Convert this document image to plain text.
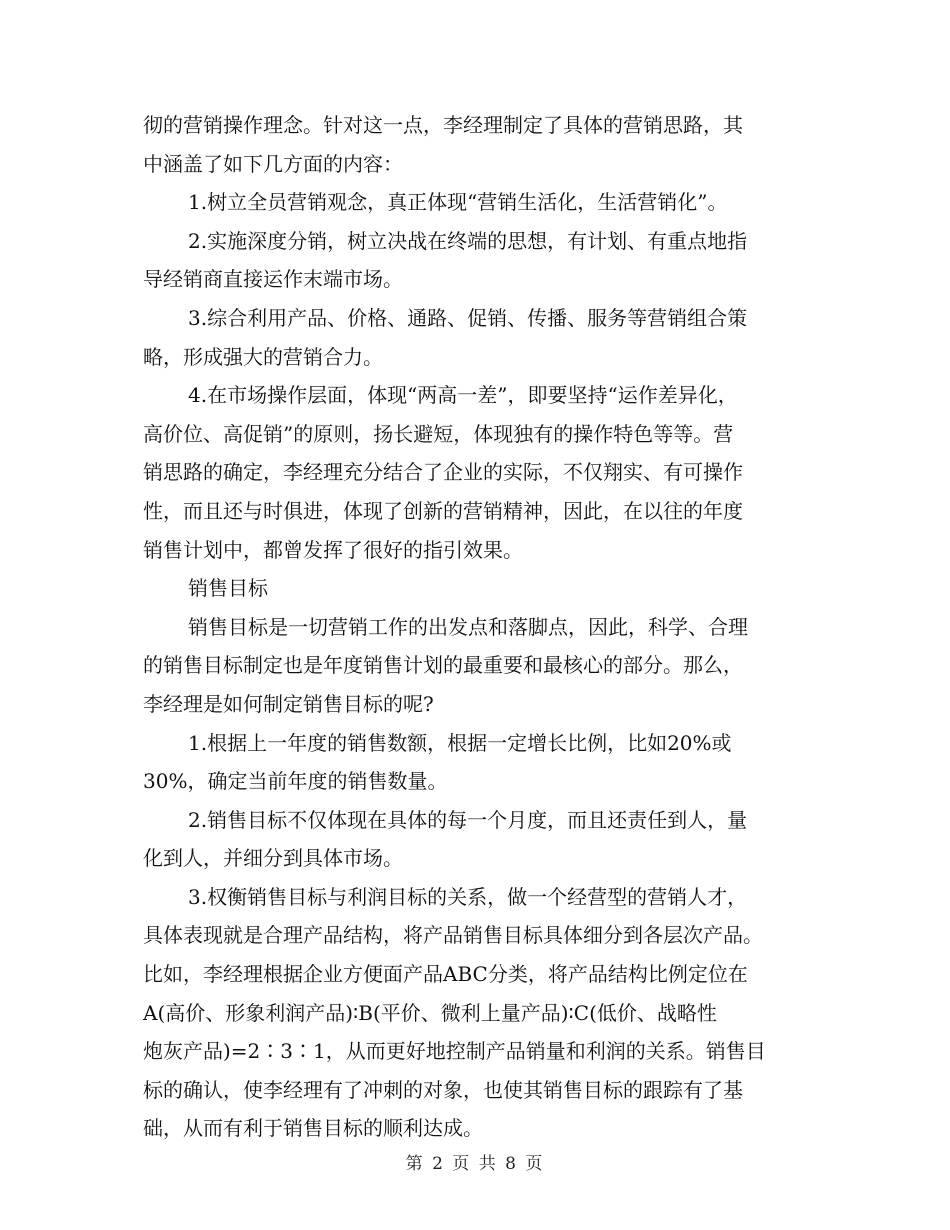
彻的营销操作理念。针对这一点，李经理制定了具体的营销思路，其
中涵盖了如下几方面的内容：
1.树立全员营销观念，真正体现“营销生活化，生活营销化”。
2.实施深度分销，树立决战在终端的思想，有计划、有重点地指
导经销商直接运作末端市场。
3.综合利用产品、价格、通路、促销、传播、服务等营销组合策
略，形成强大的营销合力。
4.在市场操作层面，体现“两高一差”，即要坚持“运作差异化，
高价位、高促销”的原则，扬长避短，体现独有的操作特色等等。营
销思路的确定，李经理充分结合了企业的实际，不仅翔实、有可操作
性，而且还与时俱进，体现了创新的营销精神，因此，在以往的年度
销售计划中，都曾发挥了很好的指引效果。
销售目标
销售目标是一切营销工作的出发点和落脚点，因此，科学、合理
的销售目标制定也是年度销售计划的最重要和最核心的部分。那么，
李经理是如何制定销售目标的呢?
1.根据上一年度的销售数额，根据一定增长比例，比如20%或
30%，确定当前年度的销售数量。
2.销售目标不仅体现在具体的每一个月度，而且还责任到人，量
化到人，并细分到具体市场。
3.权衡销售目标与利润目标的关系，做一个经营型的营销人才，
具体表现就是合理产品结构，将产品销售目标具体细分到各层次产品。
比如，李经理根据企业方便面产品ABC分类，将产品结构比例定位在
A(高价、形象利润产品)∶B(平价、微利上量产品)∶C(低价、战略性
炮灰产品)=2∶3∶1，从而更好地控制产品销量和利润的关系。销售目
标的确认，使李经理有了冲刺的对象，也使其销售目标的跟踪有了基
础，从而有利于销售目标的顺利达成。
第 2 页 共 8 页
